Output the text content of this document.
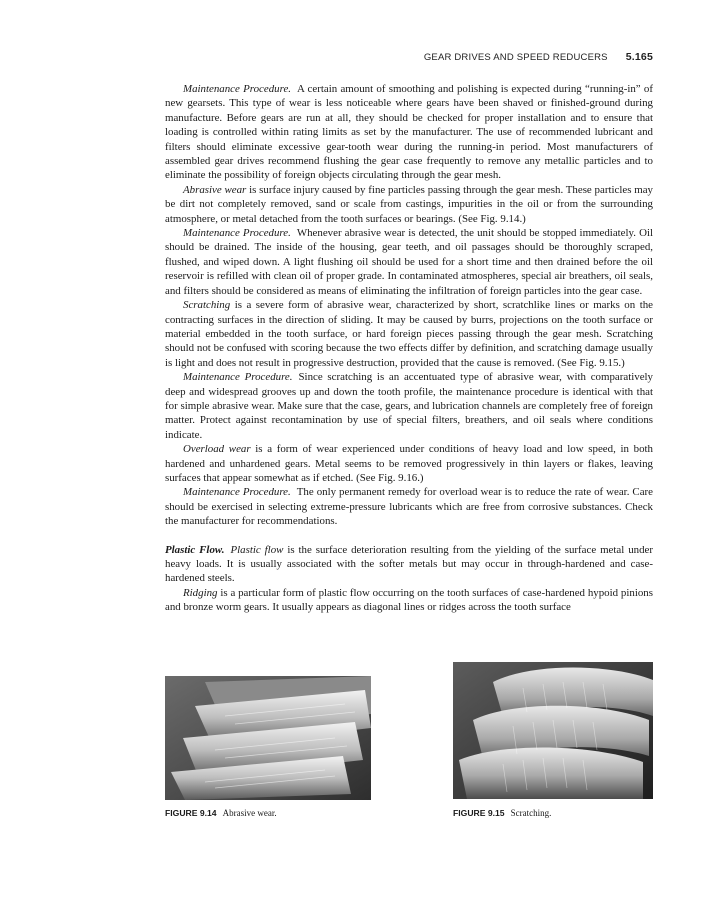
GEAR DRIVES AND SPEED REDUCERS 5.165

Maintenance Procedure. A certain amount of smoothing and polishing is expected during “running-in” of new gearsets. This type of wear is less noticeable where gears have been shaved or finished-ground during manufacture. Before gears are run at all, they should be checked for proper installation and to ensure that loading is controlled within rating limits as set by the manufacturer. The use of recommended lubricant and filters should eliminate excessive gear-tooth wear during the running-in period. Most manufacturers of assembled gear drives recommend flushing the gear case frequently to remove any metallic particles and to eliminate the possibility of foreign objects circulating through the gear mesh.

Abrasive wear is surface injury caused by fine particles passing through the gear mesh. These particles may be dirt not completely removed, sand or scale from castings, impurities in the oil or from the surrounding atmosphere, or metal detached from the tooth surfaces or bearings. (See Fig. 9.14.)

Maintenance Procedure. Whenever abrasive wear is detected, the unit should be stopped immediately. Oil should be drained. The inside of the housing, gear teeth, and oil passages should be thoroughly scraped, flushed, and wiped down. A light flushing oil should be used for a short time and then drained before the oil reservoir is refilled with clean oil of proper grade. In contaminated atmospheres, special air breathers, oil seals, and filters should be considered as means of eliminating the infiltration of foreign particles into the gear case.

Scratching is a severe form of abrasive wear, characterized by short, scratchlike lines or marks on the contracting surfaces in the direction of sliding. It may be caused by burrs, projections on the tooth surface or material embedded in the tooth surface, or hard foreign pieces passing through the gear mesh. Scratching should not be confused with scoring because the two effects differ by definition, and scratching damage usually is light and does not result in progressive destruction, provided that the cause is removed. (See Fig. 9.15.)

Maintenance Procedure. Since scratching is an accentuated type of abrasive wear, with comparatively deep and widespread grooves up and down the tooth profile, the maintenance procedure is identical with that for simple abrasive wear. Make sure that the case, gears, and lubrication channels are completely free of foreign matter. Protect against recontamination by use of special filters, breathers, and oil seals where conditions indicate.

Overload wear is a form of wear experienced under conditions of heavy load and low speed, in both hardened and unhardened gears. Metal seems to be removed progressively in thin layers or flakes, leaving surfaces that appear somewhat as if etched. (See Fig. 9.16.)

Maintenance Procedure. The only permanent remedy for overload wear is to reduce the rate of wear. Care should be exercised in selecting extreme-pressure lubricants which are free from corrosive substances. Check the manufacturer for recommendations.

Plastic Flow. Plastic flow is the surface deterioration resulting from the yielding of the surface metal under heavy loads. It is usually associated with the softer metals but may occur in through-hardened and case-hardened steels.

Ridging is a particular form of plastic flow occurring on the tooth surfaces of case-hardened hypoid pinions and bronze worm gears. It usually appears as diagonal lines or ridges across the tooth surface

FIGURE 9.14 Abrasive wear.	FIGURE 9.15 Scratching.
